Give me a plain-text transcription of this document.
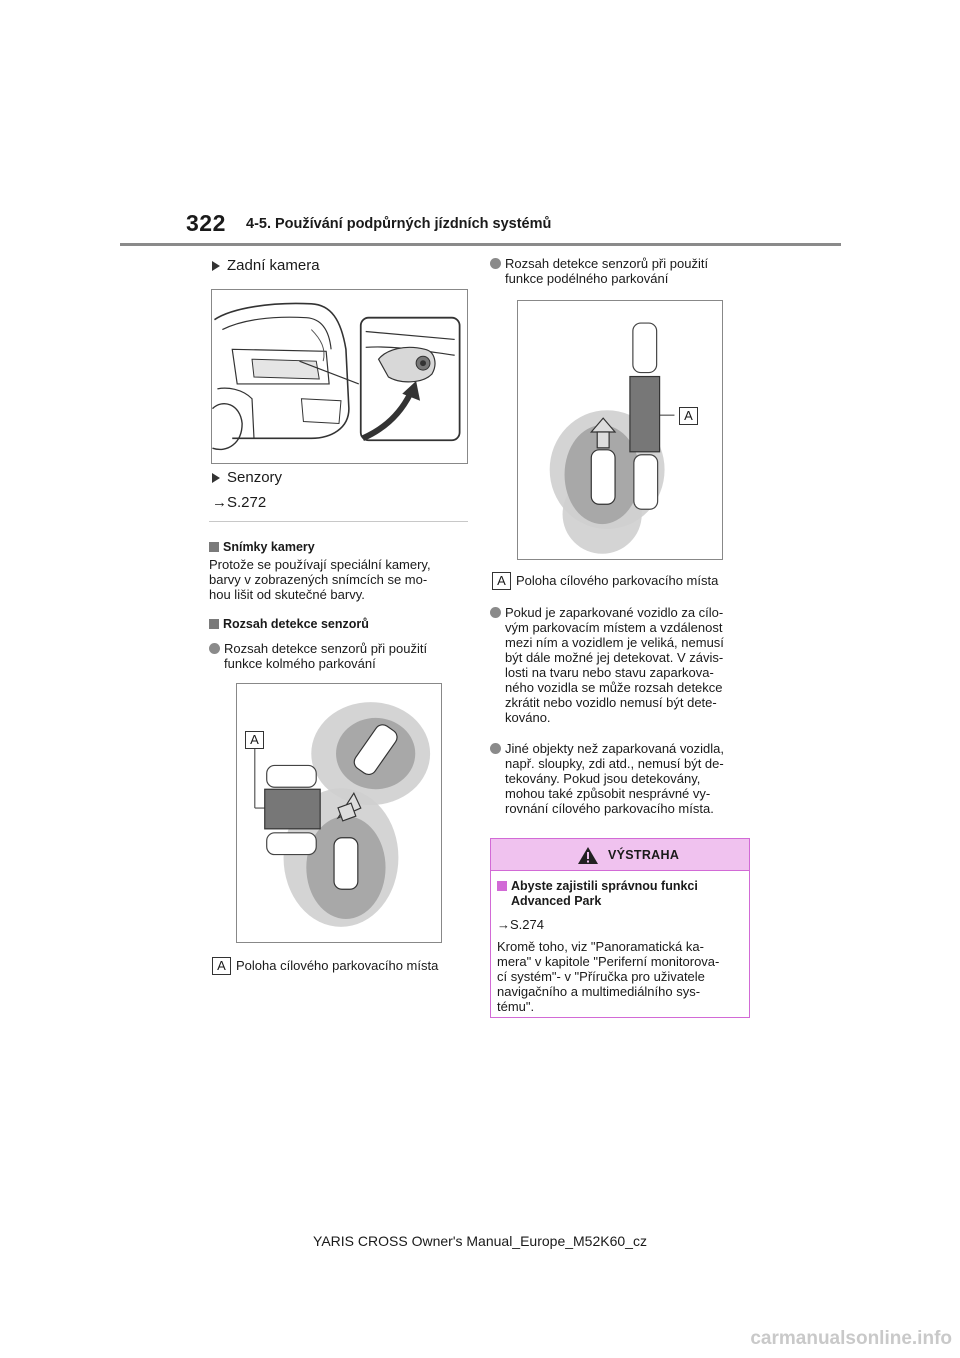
322 4-5. Používání podpůrných jízdních systémů
Zadní kamera
Senzory
→S.272
Snímky kamery
Protože se používají speciální kamery,
barvy v zobrazených snímcích se mo-
hou lišit od skutečné barvy.
Rozsah detekce senzorů
Rozsah detekce senzorů při použití
funkce kolmého parkování
A
A Poloha cílového parkovacího místa
Rozsah detekce senzorů při použití
funkce podélného parkování
A
A Poloha cílového parkovacího místa
Pokud je zaparkované vozidlo za cílo-
vým parkovacím místem a vzdálenost
mezi ním a vozidlem je veliká, nemusí
být dále možné jej detekovat. V závis-
losti na tvaru nebo stavu zaparkova-
ného vozidla se může rozsah detekce
zkrátit nebo vozidlo nemusí být dete-
kováno.
Jiné objekty než zaparkovaná vozidla,
např. sloupky, zdi atd., nemusí být de-
tekovány. Pokud jsou detekovány,
mohou také způsobit nesprávné vy-
rovnání cílového parkovacího místa.
VÝSTRAHA
Abyste zajistili správnou funkci
Advanced Park
→S.274
Kromě toho, viz "Panoramatická ka-
mera" v kapitole "Periferní monitorova-
cí systém"- v "Příručka pro uživatele
navigačního a multimediálního sys-
tému".
YARIS CROSS Owner's Manual_Europe_M52K60_cz
carmanualsonline.info
